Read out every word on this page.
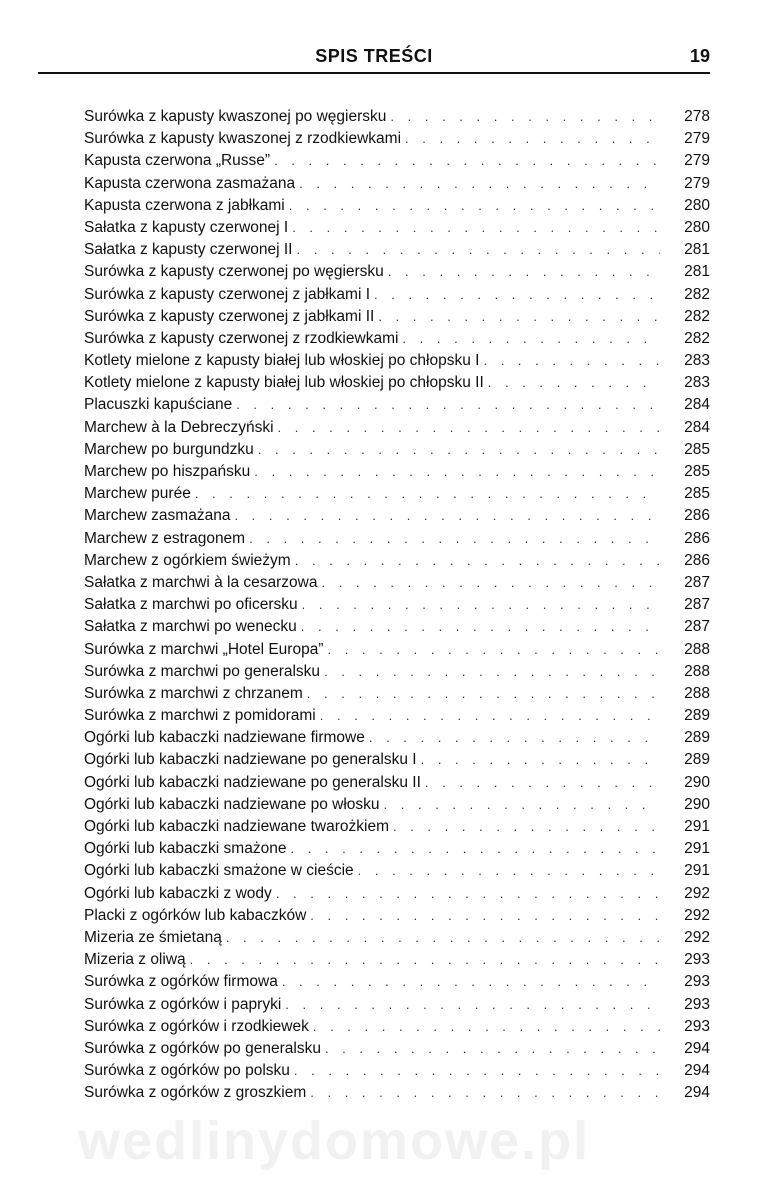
SPIS TREŚCI	19
Surówka z kapusty kwaszonej po węgiersku . . .	278
Surówka z kapusty kwaszonej z rzodkiewkami . . .	279
Kapusta czerwona „Russe” . . .	279
Kapusta czerwona zasmażana . . .	279
Kapusta czerwona z jabłkami . . .	280
Sałatka z kapusty czerwonej I . . .	280
Sałatka z kapusty czerwonej II . . .	281
Surówka z kapusty czerwonej po węgiersku . . .	281
Surówka z kapusty czerwonej z jabłkami I . . .	282
Surówka z kapusty czerwonej z jabłkami II . . .	282
Surówka z kapusty czerwonej z rzodkiewkami . . .	282
Kotlety mielone z kapusty białej lub włoskiej po chłopsku I . . .	283
Kotlety mielone z kapusty białej lub włoskiej po chłopsku II . . .	283
Placuszki kapuściane . . .	284
Marchew à la Debreczyński . . .	284
Marchew po burgundzku . . .	285
Marchew po hiszpańsku . . .	285
Marchew purée . . .	285
Marchew zasmażana . . .	286
Marchew z estragonem . . .	286
Marchew z ogórkiem świeżym . . .	286
Sałatka z marchwi à la cesarzowa . . .	287
Sałatka z marchwi po oficersku . . .	287
Sałatka z marchwi po wenecku . . .	287
Surówka z marchwi „Hotel Europa” . . .	288
Surówka z marchwi po generalsku . . .	288
Surówka z marchwi z chrzanem . . .	288
Surówka z marchwi z pomidorami . . .	289
Ogórki lub kabaczki nadziewane firmowe . . .	289
Ogórki lub kabaczki nadziewane po generalsku I . . .	289
Ogórki lub kabaczki nadziewane po generalsku II . . .	290
Ogórki lub kabaczki nadziewane po włosku . . .	290
Ogórki lub kabaczki nadziewane twarożkiem . . .	291
Ogórki lub kabaczki smażone . . .	291
Ogórki lub kabaczki smażone w cieście . . .	291
Ogórki lub kabaczki z wody . . .	292
Placki z ogórków lub kabaczków . . .	292
Mizeria ze śmietaną . . .	292
Mizeria z oliwą . . .	293
Surówka z ogórków firmowa . . .	293
Surówka z ogórków i papryki . . .	293
Surówka z ogórków i rzodkiewek . . .	293
Surówka z ogórków po generalsku . . .	294
Surówka z ogórków po polsku . . .	294
Surówka z ogórków z groszkiem . . .	294
wedlinydomowe.pl
